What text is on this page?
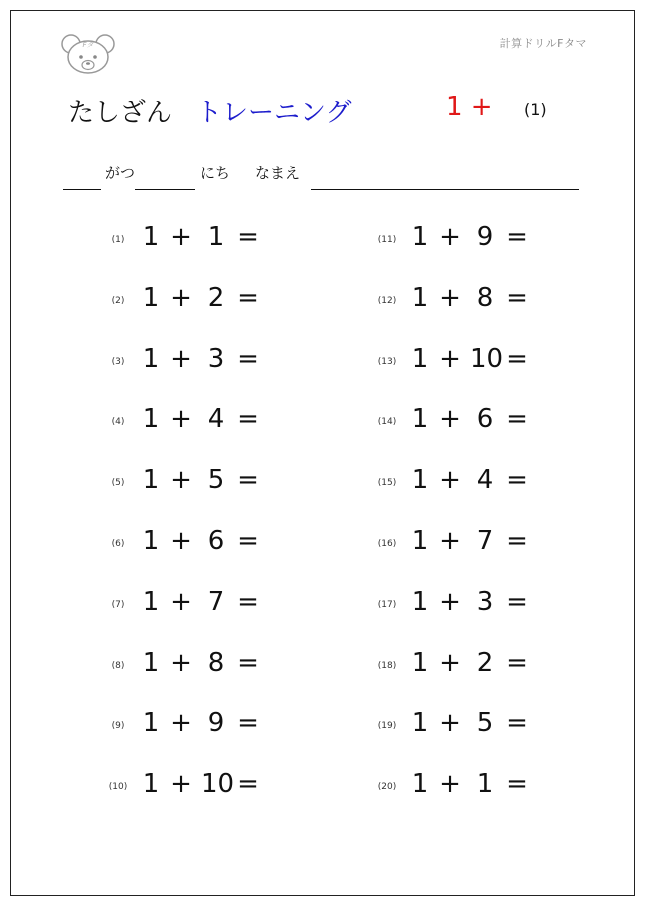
Fタ	計算ドリルFタマ
たしざん トレーニング	1 + (1)
がつ	にち なまえ
(1) 1 + 1 =
(2) 1 + 2 =
(3) 1 + 3 =
(4) 1 + 4 =
(5) 1 + 5 =
(6) 1 + 6 =
(7) 1 + 7 =
(8) 1 + 8 =
(9) 1 + 9 =
(10) 1 + 10 =
(11) 1 + 9 =
(12) 1 + 8 =
(13) 1 + 10 =
(14) 1 + 6 =
(15) 1 + 4 =
(16) 1 + 7 =
(17) 1 + 3 =
(18) 1 + 2 =
(19) 1 + 5 =
(20) 1 + 1 =
